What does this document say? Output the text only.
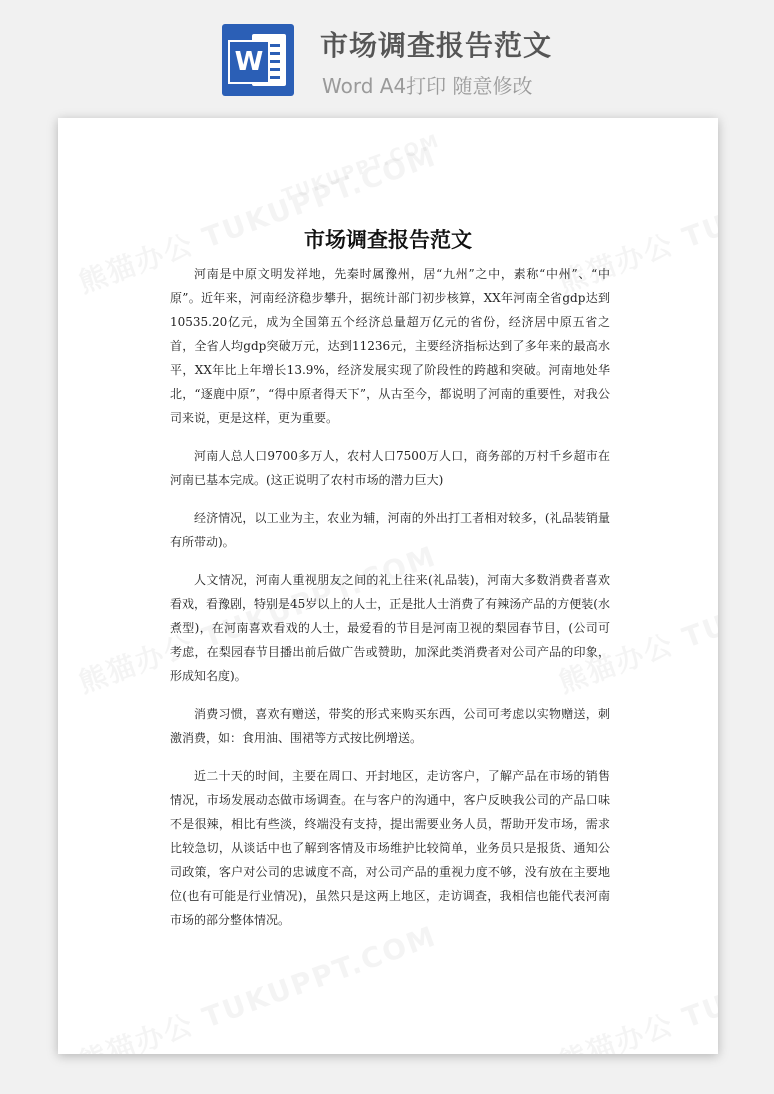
W 市场调查报告范文
Word A4打印 随意修改
市场调查报告范文

河南是中原文明发祥地，先秦时属豫州，居“九州”之中，素称“中州”、“中原”。近年来，河南经济稳步攀升，据统计部门初步核算，XX年河南全省gdp达到10535.20亿元，成为全国第五个经济总量超万亿元的省份，经济居中原五省之首，全省人均gdp突破万元，达到11236元，主要经济指标达到了多年来的最高水平，XX年比上年增长13.9%，经济发展实现了阶段性的跨越和突破。河南地处华北，“逐鹿中原”，“得中原者得天下”，从古至今，都说明了河南的重要性，对我公司来说，更是这样，更为重要。

河南人总人口9700多万人，农村人口7500万人口，商务部的万村千乡超市在河南已基本完成。(这正说明了农村市场的潜力巨大)

经济情况，以工业为主，农业为辅，河南的外出打工者相对较多，(礼品装销量有所带动)。

人文情况，河南人重视朋友之间的礼上往来(礼品装)，河南大多数消费者喜欢看戏，看豫剧，特别是45岁以上的人士，正是批人士消费了有辣汤产品的方便装(水煮型)，在河南喜欢看戏的人士，最爱看的节目是河南卫视的梨园春节目，(公司可考虑，在梨园春节目播出前后做广告或赞助，加深此类消费者对公司产品的印象，形成知名度)。

消费习惯，喜欢有赠送，带奖的形式来购买东西，公司可考虑以实物赠送，刺激消费，如：食用油、围裙等方式按比例增送。

近二十天的时间，主要在周口、开封地区，走访客户，了解产品在市场的销售情况，市场发展动态做市场调查。在与客户的沟通中，客户反映我公司的产品口味不是很辣，相比有些淡，终端没有支持，提出需要业务人员，帮助开发市场，需求比较急切，从谈话中也了解到客情及市场维护比较简单，业务员只是报货、通知公司政策，客户对公司的忠诚度不高，对公司产品的重视力度不够，没有放在主要地位(也有可能是行业情况)，虽然只是这两上地区，走访调查，我相信也能代表河南市场的部分整体情况。
